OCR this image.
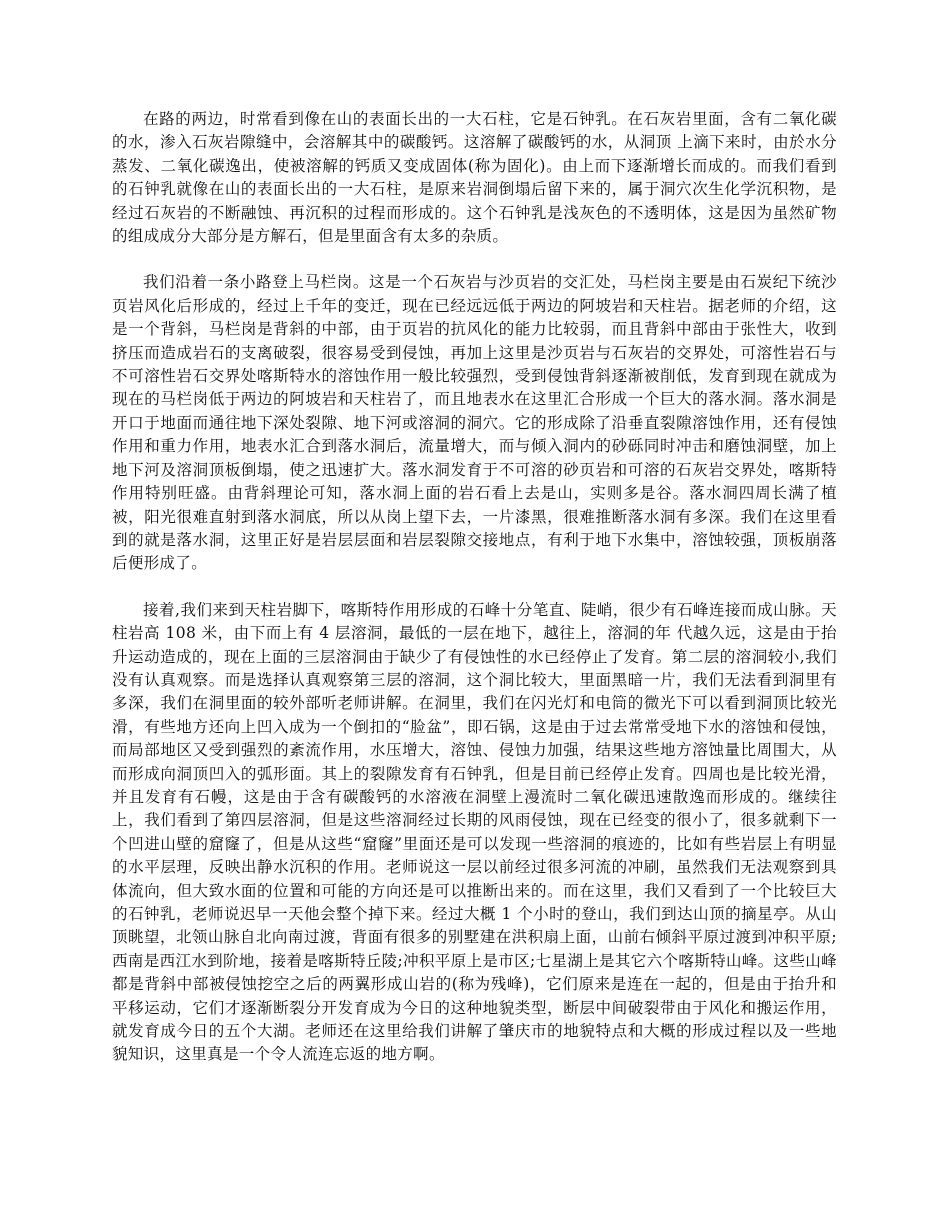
在路的两边，时常看到像在山的表面长出的一大石柱，它是石钟乳。在石灰岩里面，含有二氧化碳的水，渗入石灰岩隙缝中，会溶解其中的碳酸钙。这溶解了碳酸钙的水，从洞顶 上滴下来时，由於水分蒸发、二氧化碳逸出，使被溶解的钙质又变成固体(称为固化)。由上而下逐渐增长而成的。而我们看到的石钟乳就像在山的表面长出的一大石柱，是原来岩洞倒塌后留下来的，属于洞穴次生化学沉积物，是经过石灰岩的不断融蚀、再沉积的过程而形成的。这个石钟乳是浅灰色的不透明体，这是因为虽然矿物的组成成分大部分是方解石，但是里面含有太多的杂质。

我们沿着一条小路登上马栏岗。这是一个石灰岩与沙页岩的交汇处，马栏岗主要是由石炭纪下统沙页岩风化后形成的，经过上千年的变迁，现在已经远远低于两边的阿坡岩和天柱岩。据老师的介绍，这是一个背斜，马栏岗是背斜的中部，由于页岩的抗风化的能力比较弱，而且背斜中部由于张性大，收到挤压而造成岩石的支离破裂，很容易受到侵蚀，再加上这里是沙页岩与石灰岩的交界处，可溶性岩石与不可溶性岩石交界处喀斯特水的溶蚀作用一般比较强烈，受到侵蚀背斜逐渐被削低，发育到现在就成为现在的马栏岗低于两边的阿坡岩和天柱岩了，而且地表水在这里汇合形成一个巨大的落水洞。落水洞是开口于地面而通往地下深处裂隙、地下河或溶洞的洞穴。它的形成除了沿垂直裂隙溶蚀作用，还有侵蚀作用和重力作用，地表水汇合到落水洞后，流量增大，而与倾入洞内的砂砾同时冲击和磨蚀洞壁，加上地下河及溶洞顶板倒塌，使之迅速扩大。落水洞发育于不可溶的砂页岩和可溶的石灰岩交界处，喀斯特作用特别旺盛。由背斜理论可知，落水洞上面的岩石看上去是山，实则多是谷。落水洞四周长满了植被，阳光很难直射到落水洞底，所以从岗上望下去，一片漆黑，很难推断落水洞有多深。我们在这里看到的就是落水洞，这里正好是岩层层面和岩层裂隙交接地点，有利于地下水集中，溶蚀较强，顶板崩落后便形成了。

接着,我们来到天柱岩脚下，喀斯特作用形成的石峰十分笔直、陡峭，很少有石峰连接而成山脉。天柱岩高 108 米，由下而上有 4 层溶洞，最低的一层在地下，越往上，溶洞的年 代越久远，这是由于抬升运动造成的，现在上面的三层溶洞由于缺少了有侵蚀性的水已经停止了发育。第二层的溶洞较小,我们没有认真观察。而是选择认真观察第三层的溶洞，这个洞比较大，里面黑暗一片，我们无法看到洞里有多深，我们在洞里面的较外部听老师讲解。在洞里，我们在闪光灯和电筒的微光下可以看到洞顶比较光滑，有些地方还向上凹入成为一个倒扣的“脸盆”，即石锅，这是由于过去常常受地下水的溶蚀和侵蚀，而局部地区又受到强烈的紊流作用，水压增大，溶蚀、侵蚀力加强，结果这些地方溶蚀量比周围大，从而形成向洞顶凹入的弧形面。其上的裂隙发育有石钟乳，但是目前已经停止发育。四周也是比较光滑，并且发育有石幔，这是由于含有碳酸钙的水溶液在洞壁上漫流时二氧化碳迅速散逸而形成的。继续往上，我们看到了第四层溶洞，但是这些溶洞经过长期的风雨侵蚀，现在已经变的很小了，很多就剩下一个凹进山壁的窟窿了，但是从这些“窟窿”里面还是可以发现一些溶洞的痕迹的，比如有些岩层上有明显的水平层理，反映出静水沉积的作用。老师说这一层以前经过很多河流的冲刷，虽然我们无法观察到具体流向，但大致水面的位置和可能的方向还是可以推断出来的。而在这里，我们又看到了一个比较巨大的石钟乳，老师说迟早一天他会整个掉下来。经过大概 1 个小时的登山，我们到达山顶的摘星亭。从山顶眺望，北领山脉自北向南过渡，背面有很多的别墅建在洪积扇上面，山前右倾斜平原过渡到冲积平原;西南是西江水到阶地，接着是喀斯特丘陵;冲积平原上是市区;七星湖上是其它六个喀斯特山峰。这些山峰都是背斜中部被侵蚀挖空之后的两翼形成山岩的(称为残峰)，它们原来是连在一起的，但是由于抬升和平移运动，它们才逐渐断裂分开发育成为今日的这种地貌类型，断层中间破裂带由于风化和搬运作用，就发育成今日的五个大湖。老师还在这里给我们讲解了肇庆市的地貌特点和大概的形成过程以及一些地貌知识，这里真是一个令人流连忘返的地方啊。
